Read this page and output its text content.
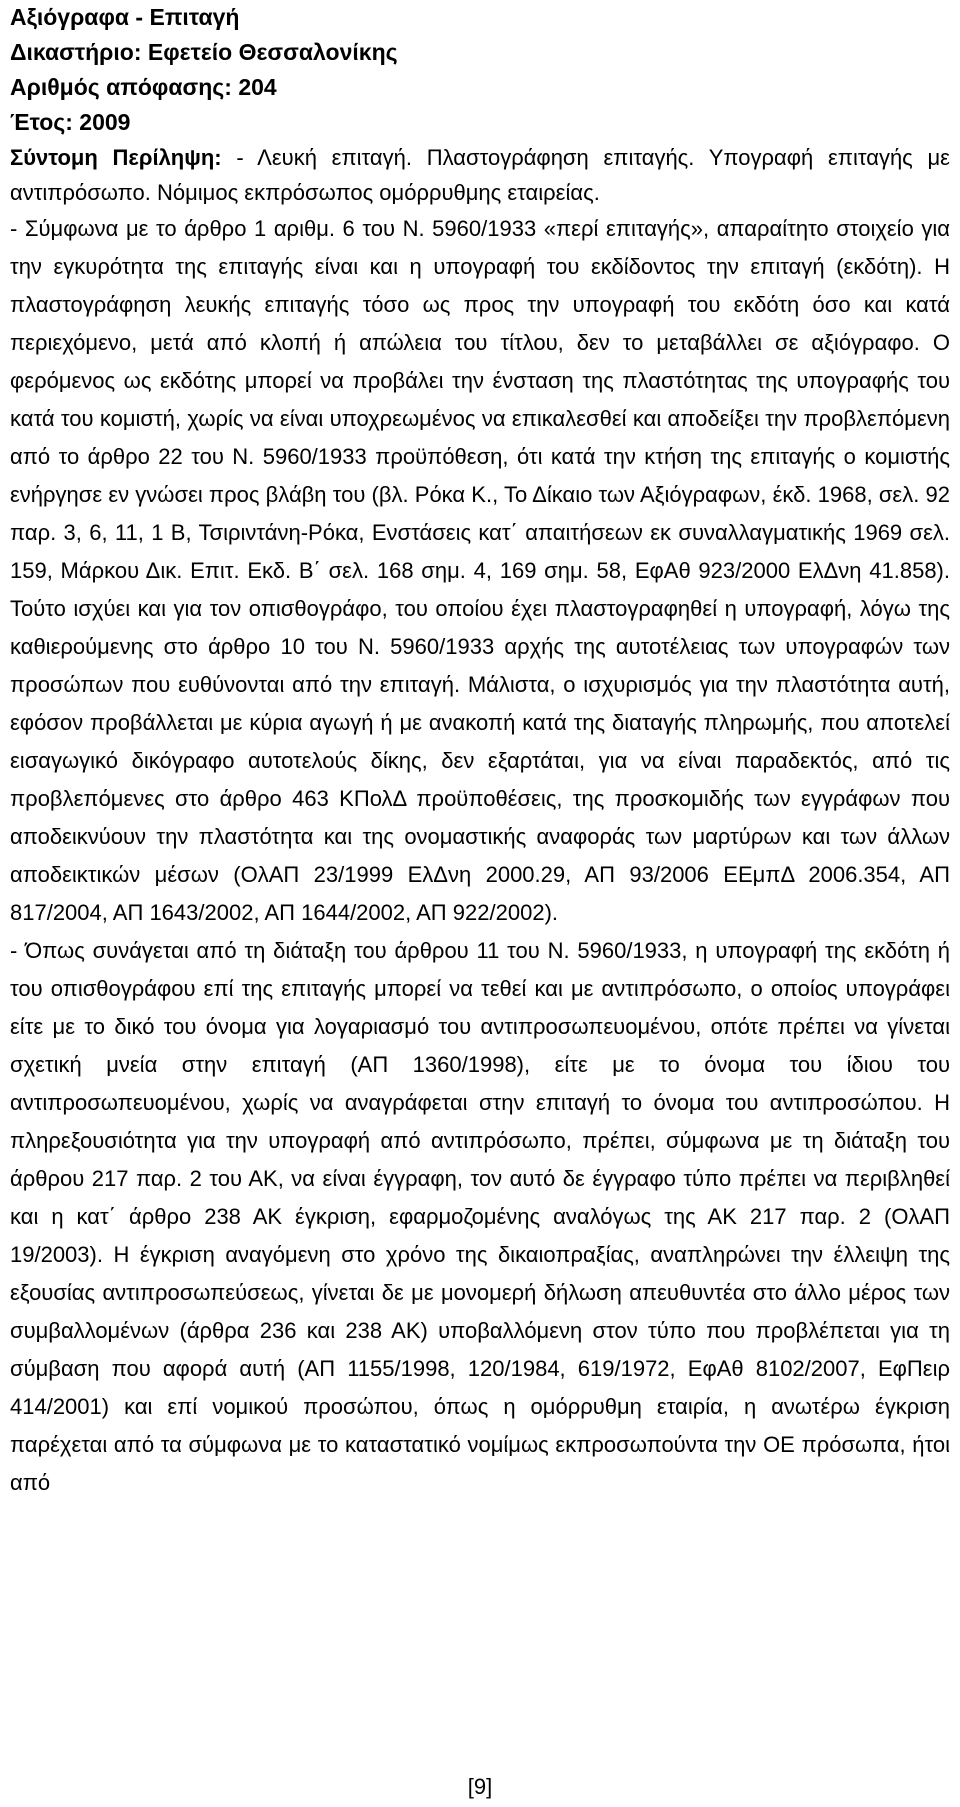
Αξιόγραφα - Επιταγή

Δικαστήριο: Εφετείο Θεσσαλονίκης

Αριθμός απόφασης: 204

Έτος: 2009

Σύντομη Περίληψη: - Λευκή επιταγή. Πλαστογράφηση επιταγής. Υπογραφή επιταγής με αντιπρόσωπο. Νόμιμος εκπρόσωπος ομόρρυθμης εταιρείας.

- Σύμφωνα με το άρθρο 1 αριθμ. 6 του Ν. 5960/1933 «περί επιταγής», απαραίτητο στοιχείο για την εγκυρότητα της επιταγής είναι και η υπογραφή του εκδίδοντος την επιταγή (εκδότη). Η πλαστογράφηση λευκής επιταγής τόσο ως προς την υπογραφή του εκδότη όσο και κατά περιεχόμενο, μετά από κλοπή ή απώλεια του τίτλου, δεν το μεταβάλλει σε αξιόγραφο. Ο φερόμενος ως εκδότης μπορεί να προβάλει την ένσταση της πλαστότητας της υπογραφής του κατά του κομιστή, χωρίς να είναι υποχρεωμένος να επικαλεσθεί και αποδείξει την προβλεπόμενη από το άρθρο 22 του Ν. 5960/1933 προϋπόθεση, ότι κατά την κτήση της επιταγής ο κομιστής ενήργησε εν γνώσει προς βλάβη του (βλ. Ρόκα Κ., Το Δίκαιο των Αξιόγραφων, έκδ. 1968, σελ. 92 παρ. 3, 6, 11, 1 Β, Τσιριντάνη-Ρόκα, Ενστάσεις κατ΄ απαιτήσεων εκ συναλλαγματικής 1969 σελ. 159, Μάρκου Δικ. Επιτ. Εκδ. Β΄ σελ. 168 σημ. 4, 169 σημ. 58, ΕφΑθ 923/2000 ΕλΔνη 41.858). Τούτο ισχύει και για τον οπισθογράφο, του οποίου έχει πλαστογραφηθεί η υπογραφή, λόγω της καθιερούμενης στο άρθρο 10 του Ν. 5960/1933 αρχής της αυτοτέλειας των υπογραφών των προσώπων που ευθύνονται από την επιταγή. Μάλιστα, ο ισχυρισμός για την πλαστότητα αυτή, εφόσον προβάλλεται με κύρια αγωγή ή με ανακοπή κατά της διαταγής πληρωμής, που αποτελεί εισαγωγικό δικόγραφο αυτοτελούς δίκης, δεν εξαρτάται, για να είναι παραδεκτός, από τις προβλεπόμενες στο άρθρο 463 ΚΠολΔ προϋποθέσεις, της προσκομιδής των εγγράφων που αποδεικνύουν την πλαστότητα και της ονομαστικής αναφοράς των μαρτύρων και των άλλων αποδεικτικών μέσων (ΟλΑΠ 23/1999 ΕλΔνη 2000.29, ΑΠ 93/2006 ΕΕμπΔ 2006.354, ΑΠ 817/2004, ΑΠ 1643/2002, ΑΠ 1644/2002, ΑΠ 922/2002).

- Όπως συνάγεται από τη διάταξη του άρθρου 11 του Ν. 5960/1933, η υπογραφή της εκδότη ή του οπισθογράφου επί της επιταγής μπορεί να τεθεί και με αντιπρόσωπο, ο οποίος υπογράφει είτε με το δικό του όνομα για λογαριασμό του αντιπροσωπευομένου, οπότε πρέπει να γίνεται σχετική μνεία στην επιταγή (ΑΠ 1360/1998), είτε με το όνομα του ίδιου του αντιπροσωπευομένου, χωρίς να αναγράφεται στην επιταγή το όνομα του αντιπροσώπου. Η πληρεξουσιότητα για την υπογραφή από αντιπρόσωπο, πρέπει, σύμφωνα με τη διάταξη του άρθρου 217 παρ. 2 του ΑΚ, να είναι έγγραφη, τον αυτό δε έγγραφο τύπο πρέπει να περιβληθεί και η κατ΄ άρθρο 238 ΑΚ έγκριση, εφαρμοζομένης αναλόγως της ΑΚ 217 παρ. 2 (ΟλΑΠ 19/2003). Η έγκριση αναγόμενη στο χρόνο της δικαιοπραξίας, αναπληρώνει την έλλειψη της εξουσίας αντιπροσωπεύσεως, γίνεται δε με μονομερή δήλωση απευθυντέα στο άλλο μέρος των συμβαλλομένων (άρθρα 236 και 238 ΑΚ) υποβαλλόμενη στον τύπο που προβλέπεται για τη σύμβαση που αφορά αυτή (ΑΠ 1155/1998, 120/1984, 619/1972, ΕφΑθ 8102/2007, ΕφΠειρ 414/2001) και επί νομικού προσώπου, όπως η ομόρρυθμη εταιρία, η ανωτέρω έγκριση παρέχεται από τα σύμφωνα με το καταστατικό νομίμως εκπροσωπούντα την ΟΕ πρόσωπα, ήτοι από

[9]
